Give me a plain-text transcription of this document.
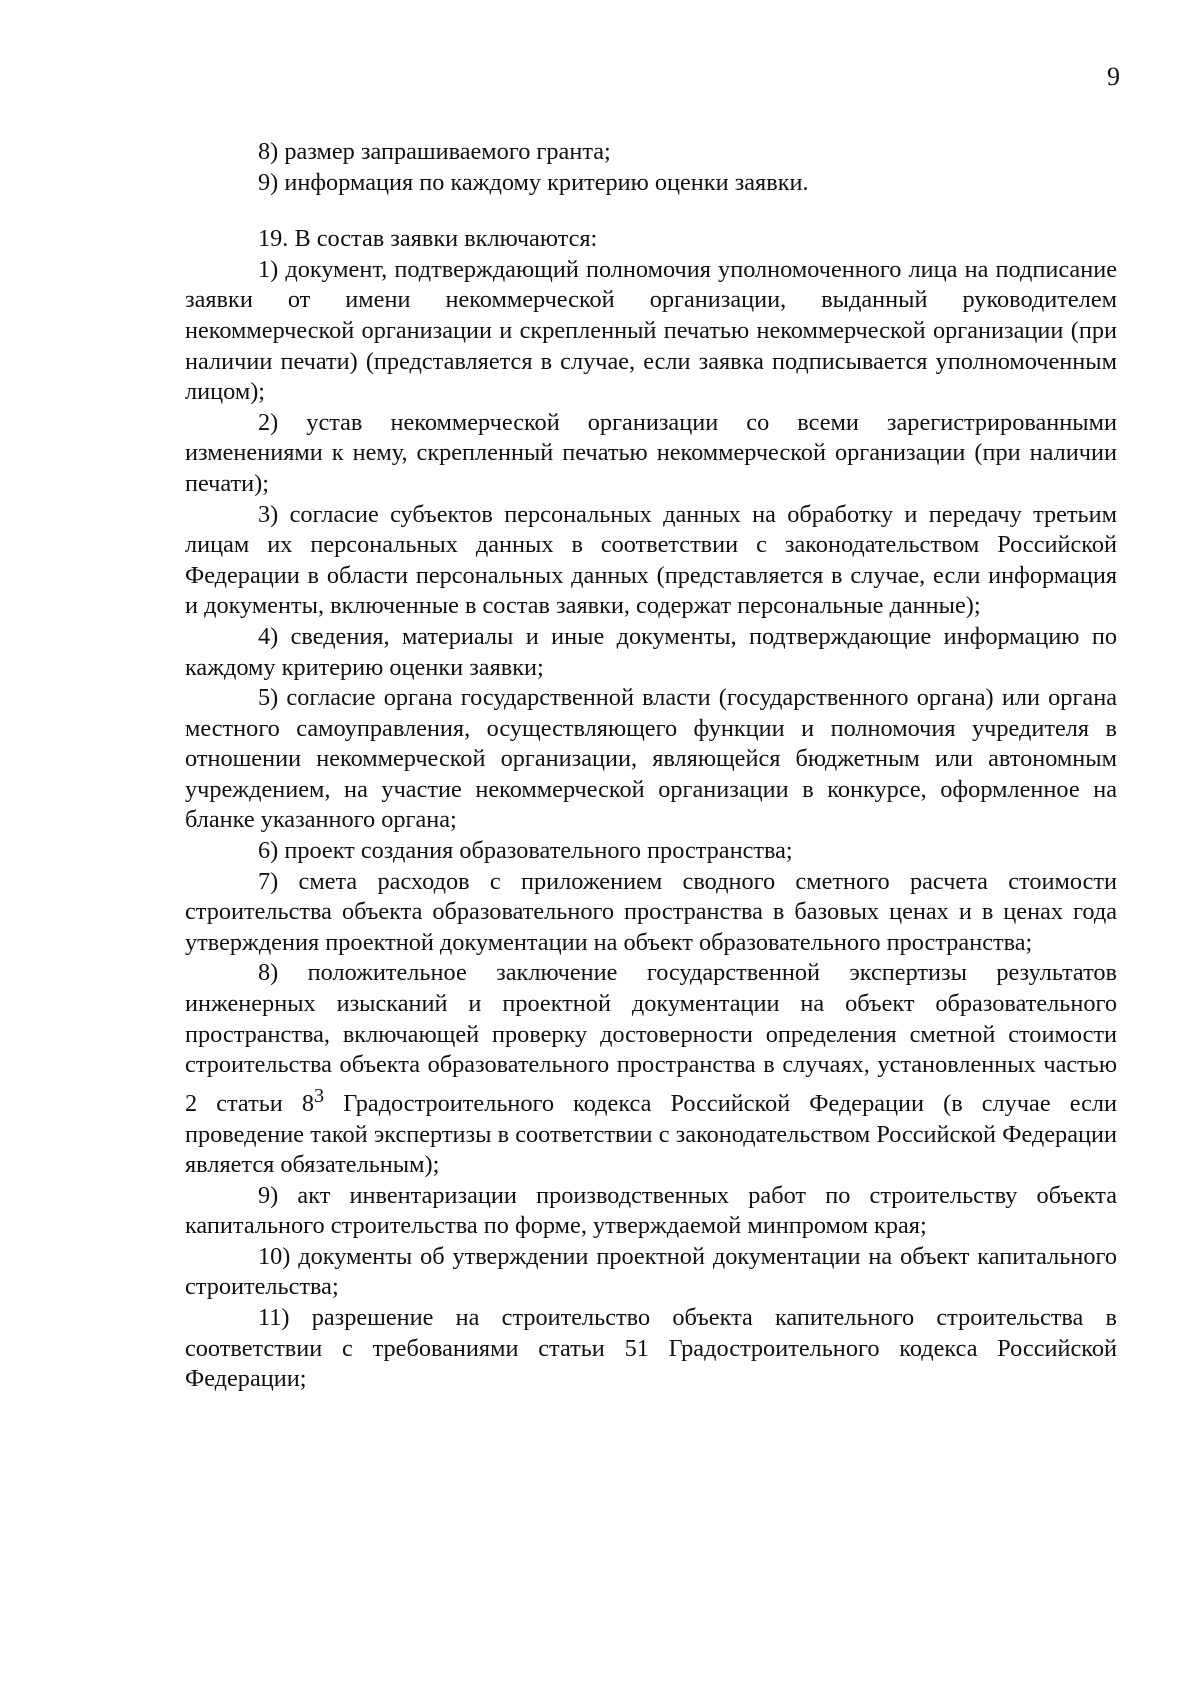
9

8) размер запрашиваемого гранта;

9) информация по каждому критерию оценки заявки.

19. В состав заявки включаются:

1) документ, подтверждающий полномочия уполномоченного лица на подписание заявки от имени некоммерческой организации, выданный руководителем некоммерческой организации и скрепленный печатью некоммерческой организации (при наличии печати) (представляется в случае, если заявка подписывается уполномоченным лицом);

2) устав некоммерческой организации со всеми зарегистрированными изменениями к нему, скрепленный печатью некоммерческой организации (при наличии печати);

3) согласие субъектов персональных данных на обработку и передачу третьим лицам их персональных данных в соответствии с законодательством Российской Федерации в области персональных данных (представляется в случае, если информация и документы, включенные в состав заявки, содержат персональные данные);

4) сведения, материалы и иные документы, подтверждающие информацию по каждому критерию оценки заявки;

5) согласие органа государственной власти (государственного органа) или органа местного самоуправления, осуществляющего функции и полномочия учредителя в отношении некоммерческой организации, являющейся бюджетным или автономным учреждением, на участие некоммерческой организации в конкурсе, оформленное на бланке указанного органа;

6) проект создания образовательного пространства;

7) смета расходов с приложением сводного сметного расчета стоимости строительства объекта образовательного пространства в базовых ценах и в ценах года утверждения проектной документации на объект образовательного пространства;

8) положительное заключение государственной экспертизы результатов инженерных изысканий и проектной документации на объект образовательного пространства, включающей проверку достоверности определения сметной стоимости строительства объекта образовательного пространства в случаях, установленных частью 2 статьи $8^3$ Градостроительного кодекса Российской Федерации (в случае если проведение такой экспертизы в соответствии с законодательством Российской Федерации является обязательным);

9) акт инвентаризации производственных работ по строительству объекта капитального строительства по форме, утверждаемой минпромом края;

10) документы об утверждении проектной документации на объект капитального строительства;

11) разрешение на строительство объекта капительного строительства в соответствии с требованиями статьи 51 Градостроительного кодекса Российской Федерации;
